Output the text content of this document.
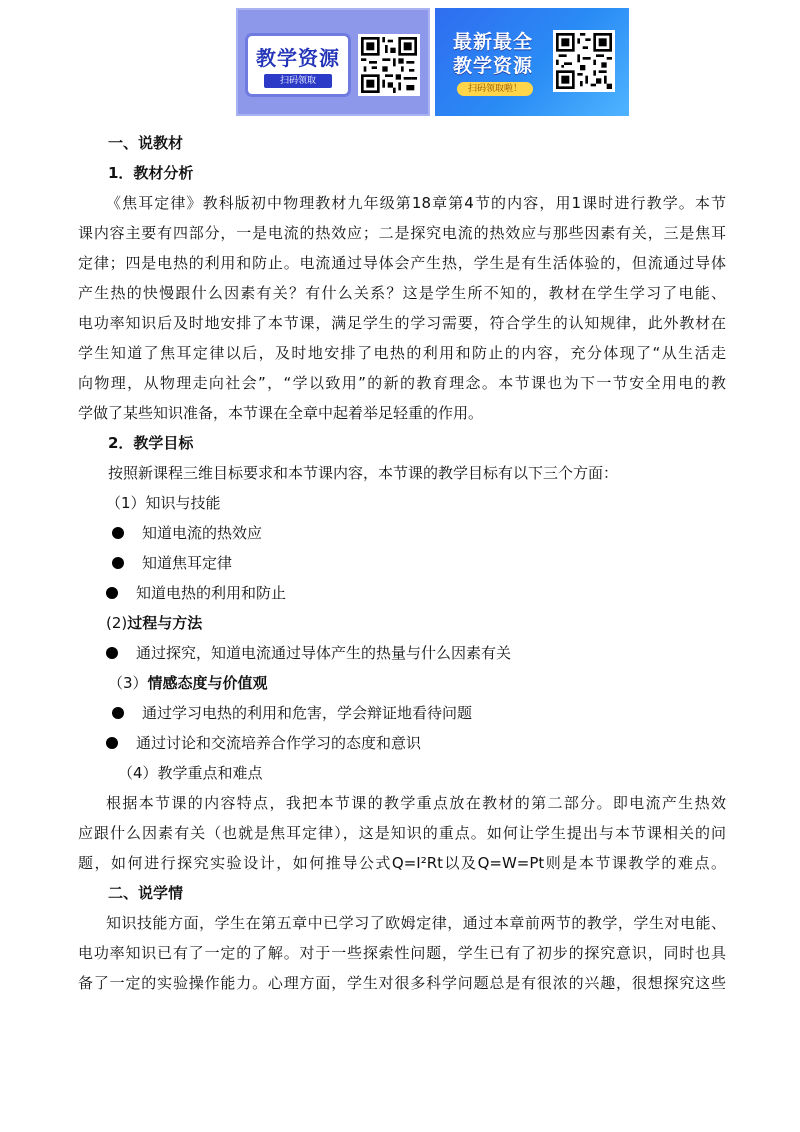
教学资源
扫码领取
最新最全
教学资源
扫码领取啦！
一、说教材
1．教材分析
《焦耳定律》教科版初中物理教材九年级第18章第4节的内容，用1课时进行教学。本节
课内容主要有四部分，一是电流的热效应；二是探究电流的热效应与那些因素有关，三是焦耳
定律；四是电热的利用和防止。电流通过导体会产生热，学生是有生活体验的，但流通过导体
产生热的快慢跟什么因素有关？有什么关系？这是学生所不知的，教材在学生学习了电能、
电功率知识后及时地安排了本节课，满足学生的学习需要，符合学生的认知规律，此外教材在
学生知道了焦耳定律以后，及时地安排了电热的利用和防止的内容，充分体现了“从生活走
向物理，从物理走向社会”，“学以致用”的新的教育理念。本节课也为下一节安全用电的教
学做了某些知识准备，本节课在全章中起着举足轻重的作用。
2．教学目标
按照新课程三维目标要求和本节课内容，本节课的教学目标有以下三个方面：
（1）知识与技能
知道电流的热效应
知道焦耳定律
知道电热的利用和防止
(2)过程与方法
通过探究，知道电流通过导体产生的热量与什么因素有关
（3）情感态度与价值观
通过学习电热的利用和危害，学会辩证地看待问题
通过讨论和交流培养合作学习的态度和意识
（4）教学重点和难点
根据本节课的内容特点，我把本节课的教学重点放在教材的第二部分。即电流产生热效
应跟什么因素有关（也就是焦耳定律），这是知识的重点。如何让学生提出与本节课相关的问
题，如何进行探究实验设计，如何推导公式Q=I²Rt以及Q=W=Pt则是本节课教学的难点。
二、说学情
知识技能方面，学生在第五章中已学习了欧姆定律，通过本章前两节的教学，学生对电能、
电功率知识已有了一定的了解。对于一些探索性问题，学生已有了初步的探究意识，同时也具
备了一定的实验操作能力。心理方面，学生对很多科学问题总是有很浓的兴趣，很想探究这些
